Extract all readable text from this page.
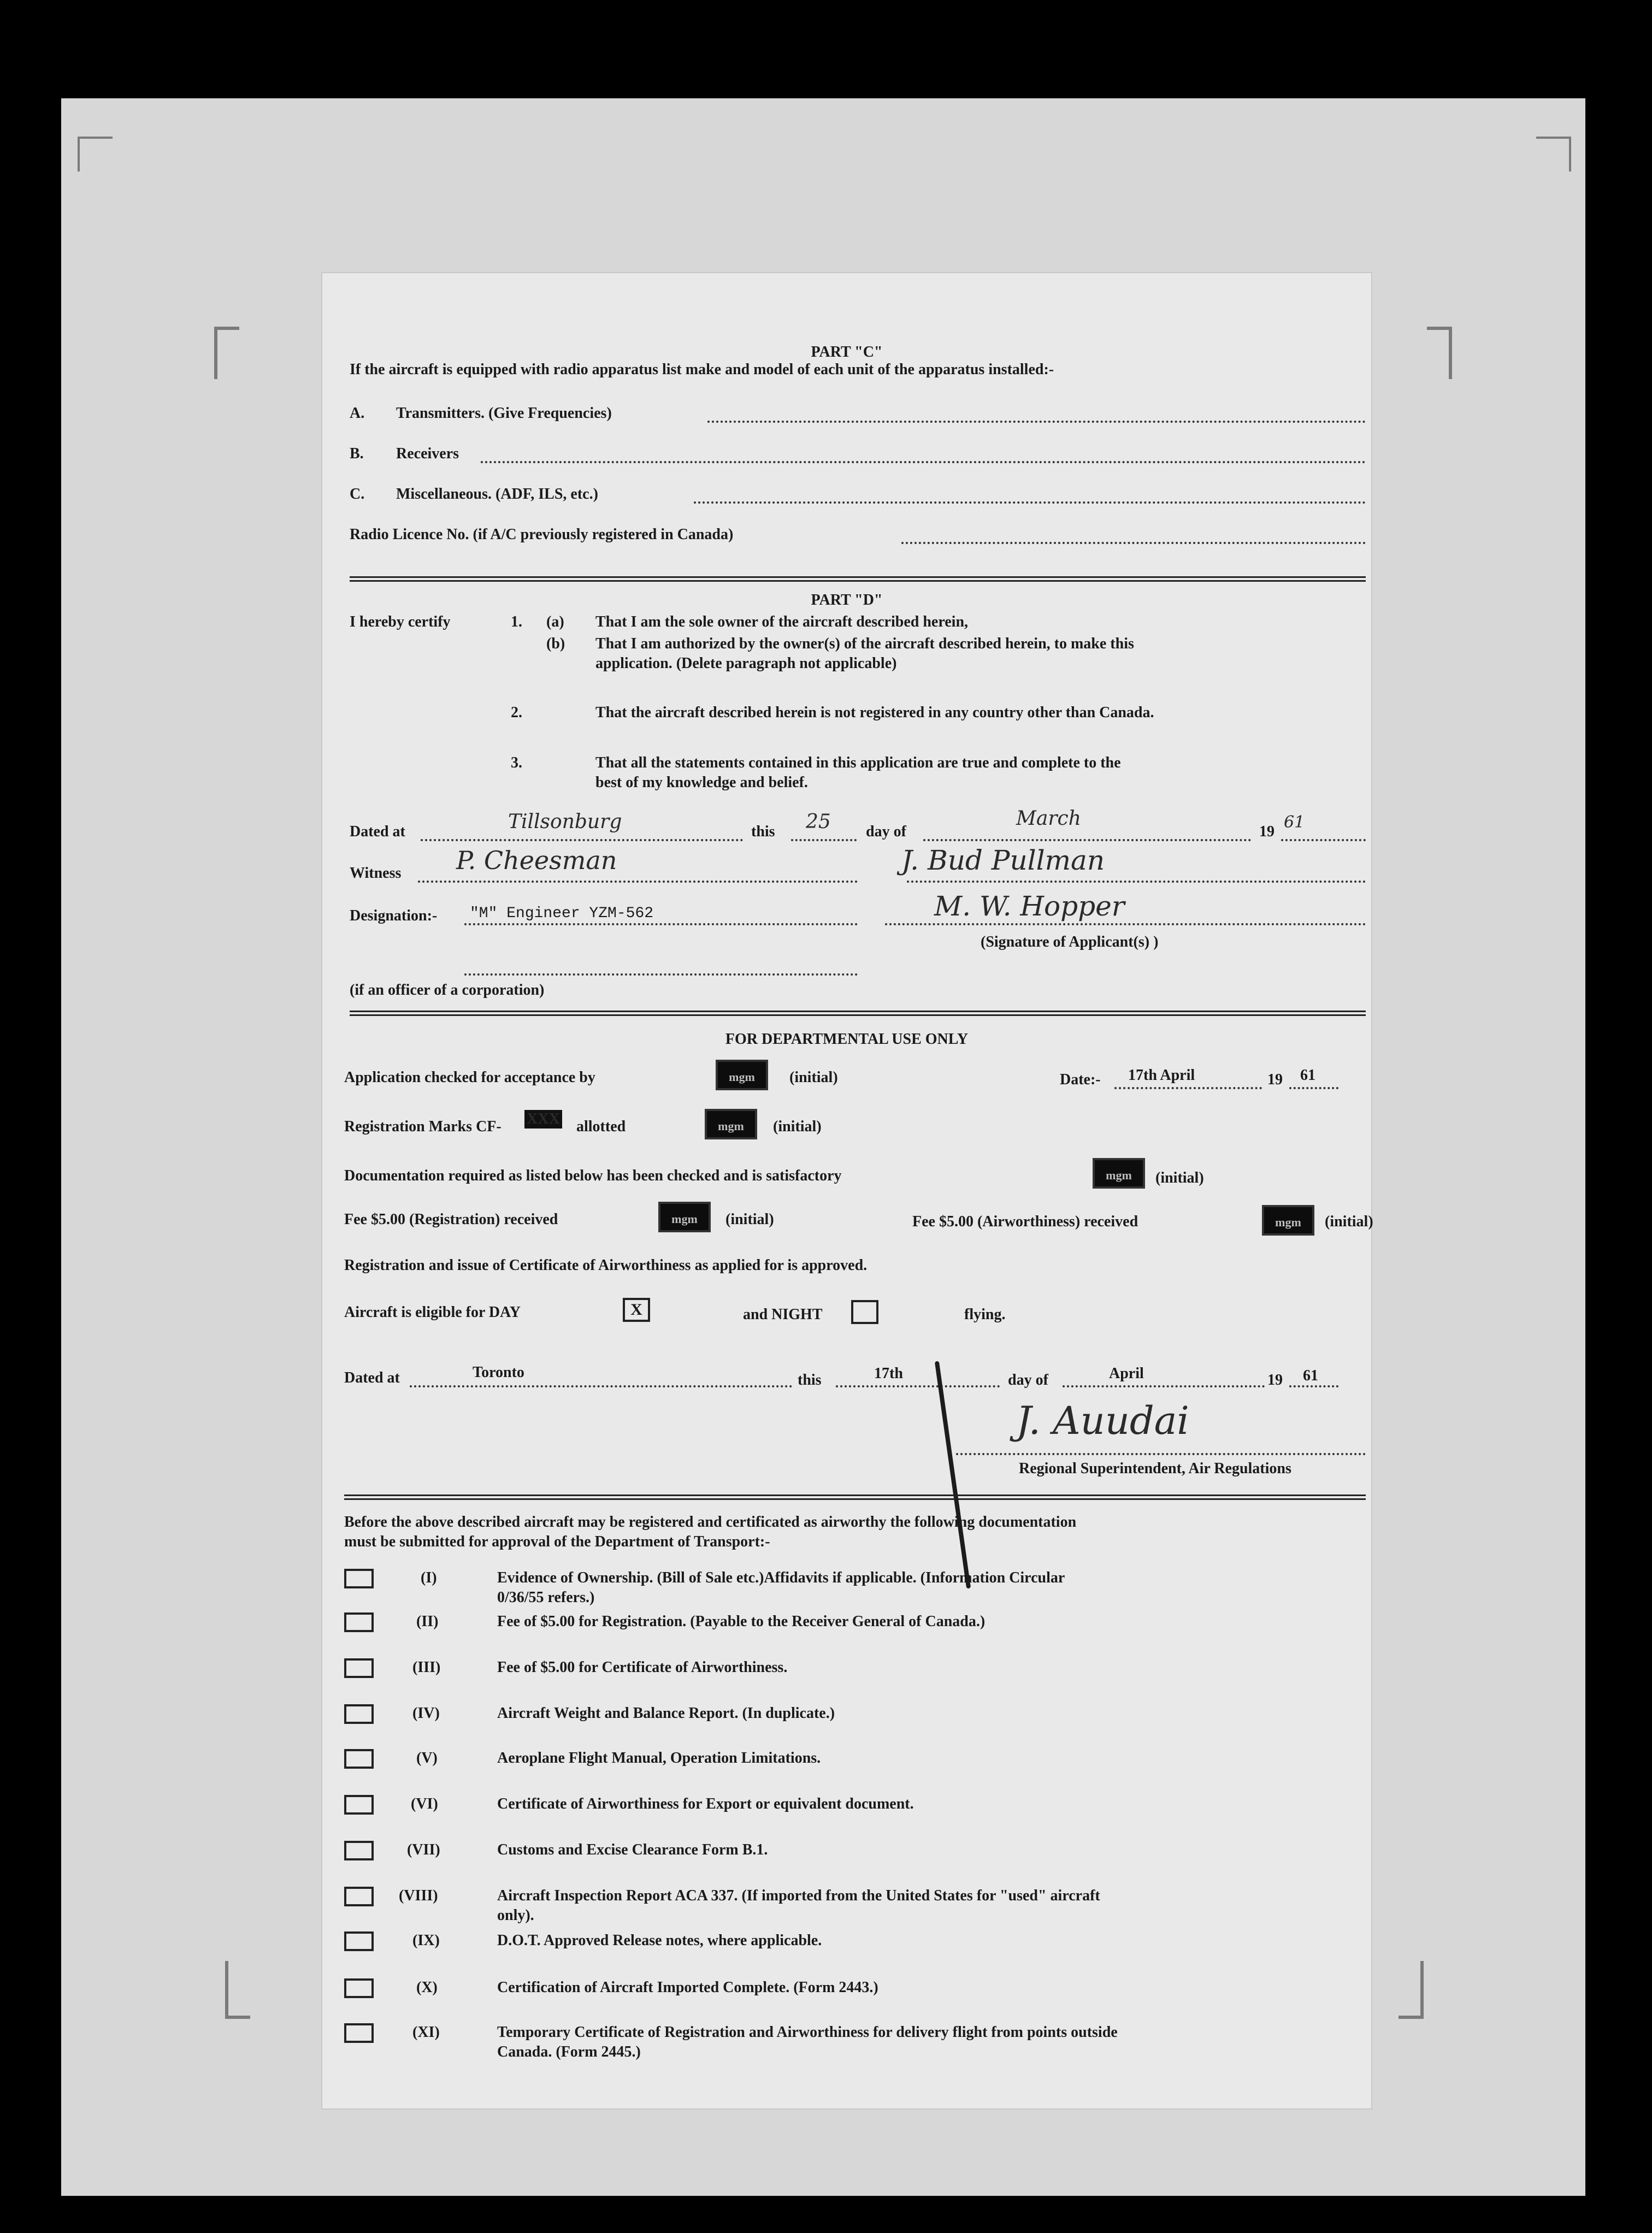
PART "C"
If the aircraft is equipped with radio apparatus list make and model of each unit of the apparatus installed:-
A. Transmitters. (Give Frequencies)
B. Receivers
C. Miscellaneous. (ADF, ILS, etc.)
Radio Licence No. (if A/C previously registered in Canada)
PART "D"
I hereby certify	1. (a) That I am the sole owner of the aircraft described herein,
(b) That I am authorized by the owner(s) of the aircraft described herein, to make this
application. (Delete paragraph not applicable)
2.	That the aircraft described herein is not registered in any country other than Canada.
3.	That all the statements contained in this application are true and complete to the
best of my knowledge and belief.
Dated at	Tillsonburg	this 25 day of
March
19 61
Witness P. Cheesman	J. Bud Pullman
Designation:- "M" Engineer YZM-562	M. W. Hopper
(Signature of Applicant(s) )
(if an officer of a corporation)
FOR DEPARTMENTAL USE ONLY
Application checked for acceptance by	mgm	(initial)	Date:- 17th April	19 61
Registration Marks CF- XXX allotted	mgm	(initial)
Documentation required as listed below has been checked and is satisfactory	mgm	(initial)
Fee $5.00 (Registration) received	mgm	(initial)	Fee $5.00 (Airworthiness) received	mgm	(initial)
Registration and issue of Certificate of Airworthiness as applied for is approved.
Aircraft is eligible for DAY	X	and NIGHT	flying.
Dated at	Toronto	this	17th	day of	April	19 61
J. Auudai
Regional Superintendent, Air Regulations
Before the above described aircraft may be registered and certificated as airworthy the following documentation
must be submitted for approval of the Department of Transport:-
(I)	Evidence of Ownership. (Bill of Sale etc.)Affidavits if applicable. (Information Circular
0/36/55 refers.)
(II)	Fee of $5.00 for Registration. (Payable to the Receiver General of Canada.)
(III)	Fee of $5.00 for Certificate of Airworthiness.
(IV)	Aircraft Weight and Balance Report. (In duplicate.)
(V)	Aeroplane Flight Manual, Operation Limitations.
(VI)	Certificate of Airworthiness for Export or equivalent document.
(VII)	Customs and Excise Clearance Form B.1.
(VIII)	Aircraft Inspection Report ACA 337. (If imported from the United States for "used" aircraft
only).
(IX)	D.O.T. Approved Release notes, where applicable.
(X)	Certification of Aircraft Imported Complete. (Form 2443.)
(XI)	Temporary Certificate of Registration and Airworthiness for delivery flight from points outside
Canada. (Form 2445.)
